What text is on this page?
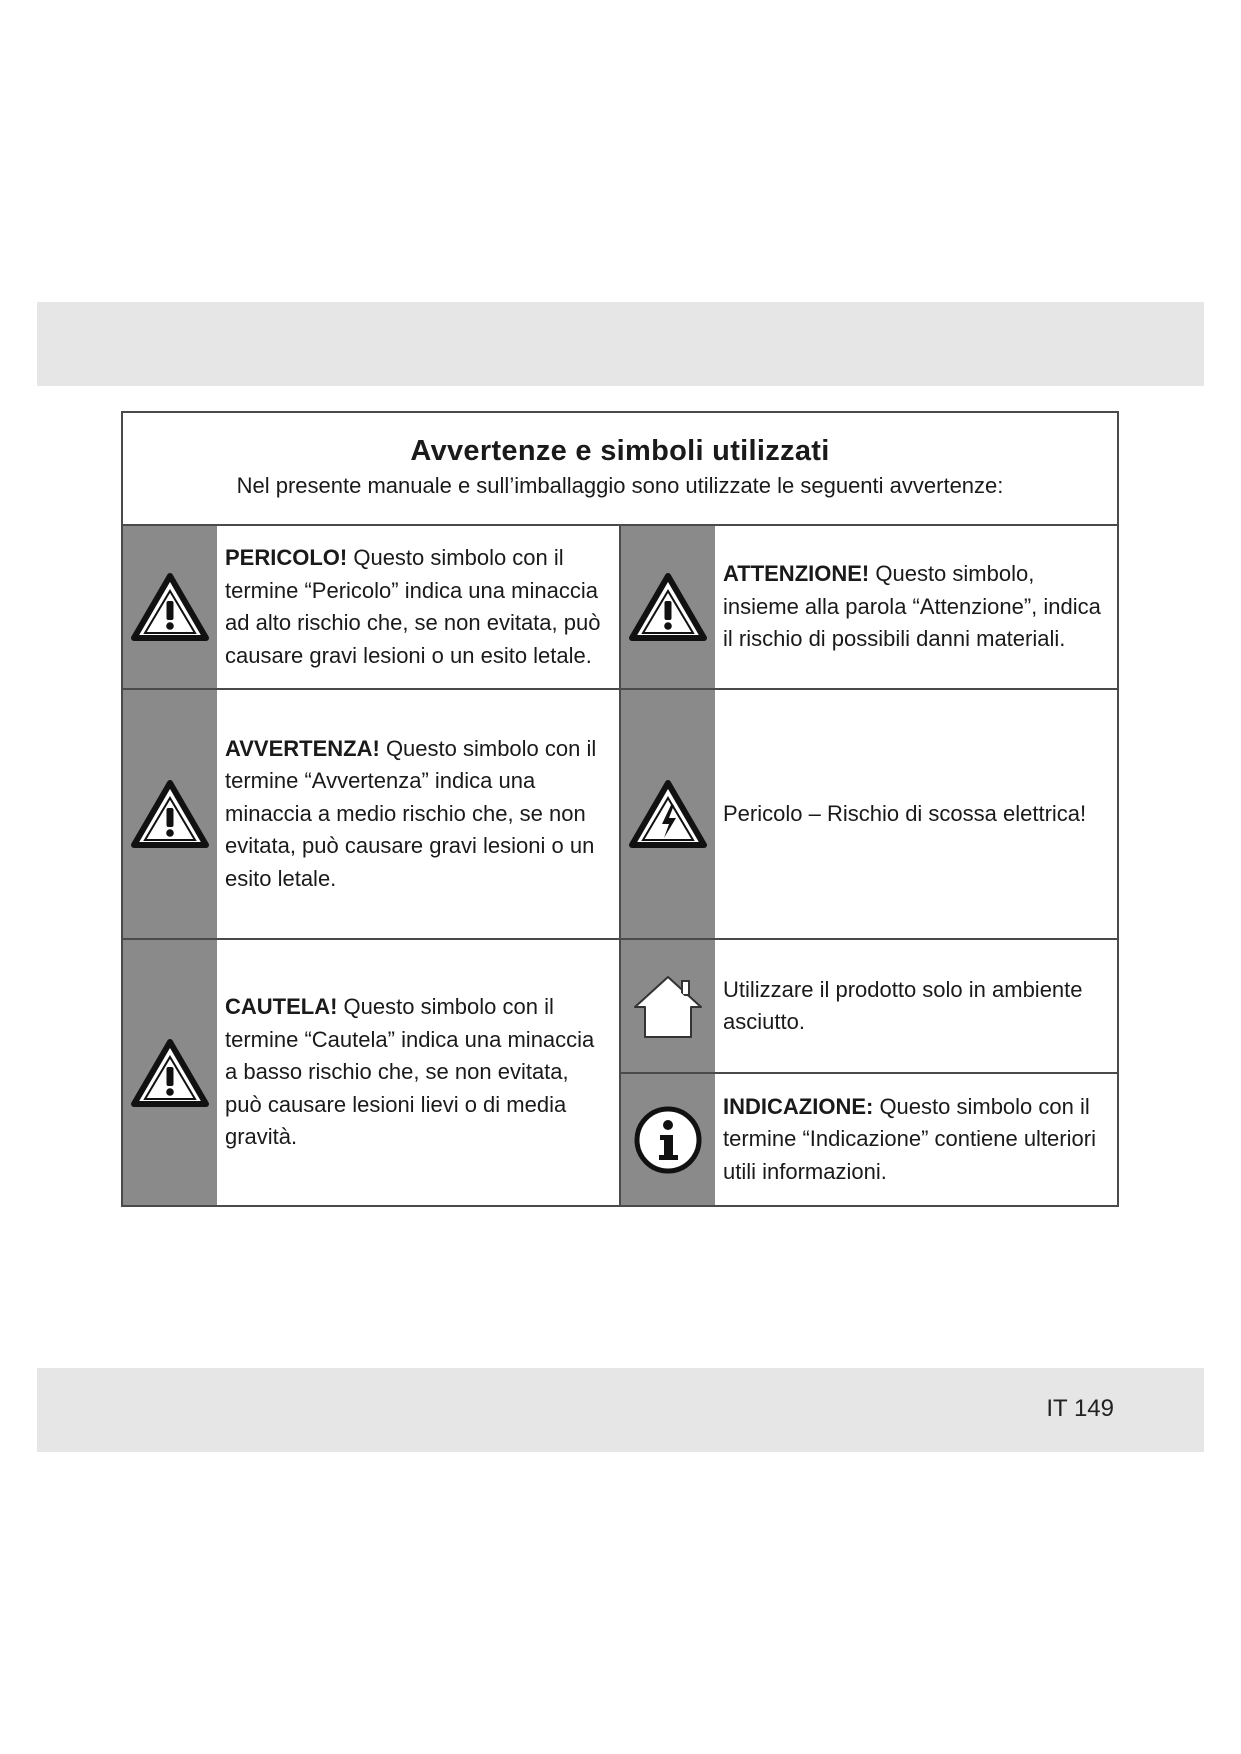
Avvertenze e simboli utilizzati
Nel presente manuale e sull’imballaggio sono utilizzate le seguenti avvertenze:
PERICOLO! Questo simbolo con il termine “Pericolo” indica una minaccia ad alto rischio che, se non evitata, può causare gravi lesioni o un esito letale.
ATTENZIONE! Questo simbolo, insieme alla parola “Attenzione”, indica il rischio di possibili danni materiali.
AVVERTENZA! Questo simbolo con il termine “Avvertenza” indica una minaccia a medio rischio che, se non evitata, può causare gravi lesioni o un esito letale.
Pericolo – Rischio di scossa elettrica!
CAUTELA! Questo simbolo con il termine “Cautela” indica una minaccia a basso rischio che, se non evitata, può causare lesioni lievi o di media gravità.
Utilizzare il prodotto solo in ambiente asciutto.
INDICAZIONE: Questo simbolo con il termine “Indicazione” contiene ulteriori utili informazioni.
IT 149
